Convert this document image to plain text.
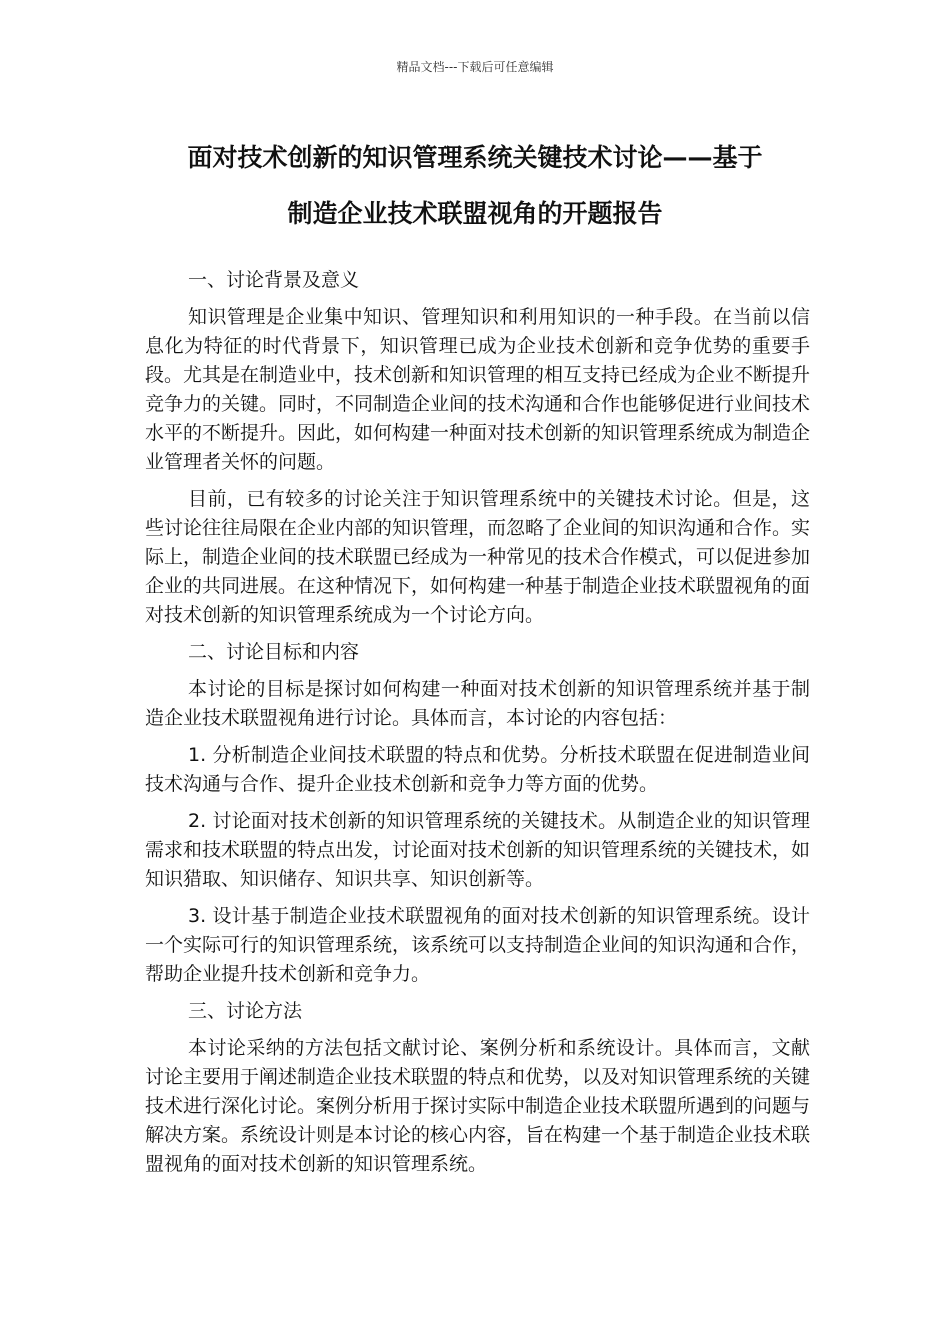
精品文档---下载后可任意编辑
面对技术创新的知识管理系统关键技术讨论——基于
制造企业技术联盟视角的开题报告

一、讨论背景及意义

知识管理是企业集中知识、管理知识和利用知识的一种手段。在当前以信息化为特征的时代背景下，知识管理已成为企业技术创新和竞争优势的重要手段。尤其是在制造业中，技术创新和知识管理的相互支持已经成为企业不断提升竞争力的关键。同时，不同制造企业间的技术沟通和合作也能够促进行业间技术水平的不断提升。因此，如何构建一种面对技术创新的知识管理系统成为制造企业管理者关怀的问题。

目前，已有较多的讨论关注于知识管理系统中的关键技术讨论。但是，这些讨论往往局限在企业内部的知识管理，而忽略了企业间的知识沟通和合作。实际上，制造企业间的技术联盟已经成为一种常见的技术合作模式，可以促进参加企业的共同进展。在这种情况下，如何构建一种基于制造企业技术联盟视角的面对技术创新的知识管理系统成为一个讨论方向。

二、讨论目标和内容

本讨论的目标是探讨如何构建一种面对技术创新的知识管理系统并基于制造企业技术联盟视角进行讨论。具体而言，本讨论的内容包括：

1. 分析制造企业间技术联盟的特点和优势。分析技术联盟在促进制造业间技术沟通与合作、提升企业技术创新和竞争力等方面的优势。

2. 讨论面对技术创新的知识管理系统的关键技术。从制造企业的知识管理需求和技术联盟的特点出发，讨论面对技术创新的知识管理系统的关键技术，如知识猎取、知识储存、知识共享、知识创新等。

3. 设计基于制造企业技术联盟视角的面对技术创新的知识管理系统。设计一个实际可行的知识管理系统，该系统可以支持制造企业间的知识沟通和合作，帮助企业提升技术创新和竞争力。

三、讨论方法

本讨论采纳的方法包括文献讨论、案例分析和系统设计。具体而言，文献讨论主要用于阐述制造企业技术联盟的特点和优势，以及对知识管理系统的关键技术进行深化讨论。案例分析用于探讨实际中制造企业技术联盟所遇到的问题与解决方案。系统设计则是本讨论的核心内容，旨在构建一个基于制造企业技术联盟视角的面对技术创新的知识管理系统。
